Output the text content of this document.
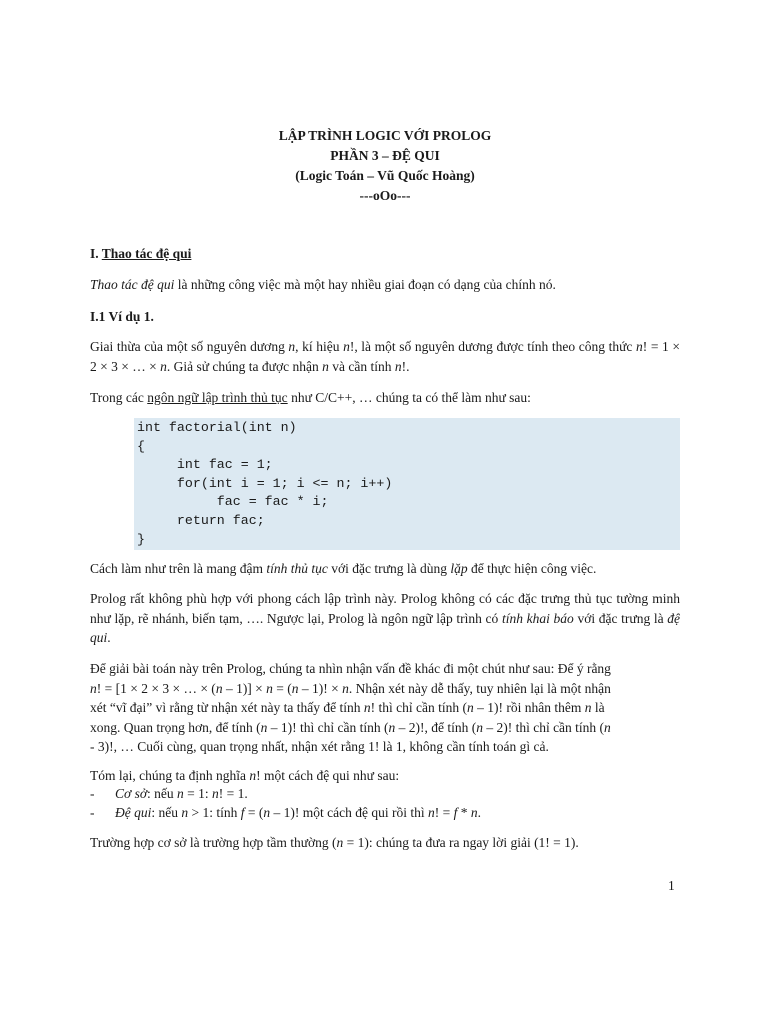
LẬP TRÌNH LOGIC VỚI PROLOG
PHẦN 3 – ĐỆ QUI
(Logic Toán – Vũ Quốc Hoàng)
---oOo---
I. Thao tác đệ qui
Thao tác đệ qui là những công việc mà một hay nhiều giai đoạn có dạng của chính nó.
I.1 Ví dụ 1.
Giai thừa của một số nguyên dương n, kí hiệu n!, là một số nguyên dương được tính theo công thức n! = 1 × 2 × 3 × … × n. Giả sử chúng ta được nhận n và cần tính n!.
Trong các ngôn ngữ lập trình thủ tục như C/C++, … chúng ta có thể làm như sau:
int factorial(int n)
{
int fac = 1;
for(int i = 1; i <= n; i++)
fac = fac * i;
return fac;
}
Cách làm như trên là mang đậm tính thủ tục với đặc trưng là dùng lặp để thực hiện công việc.
Prolog rất không phù hợp với phong cách lập trình này. Prolog không có các đặc trưng thủ tục tường minh như lặp, rẽ nhánh, biến tạm, …. Ngược lại, Prolog là ngôn ngữ lập trình có tính khai báo với đặc trưng là đệ qui.
Để giải bài toán này trên Prolog, chúng ta nhìn nhận vấn đề khác đi một chút như sau: Để ý rằng
n! = [1 × 2 × 3 × … × (n – 1)] × n = (n – 1)! × n. Nhận xét này dễ thấy, tuy nhiên lại là một nhận
xét “vĩ đại” vì rằng từ nhận xét này ta thấy để tính n! thì chỉ cần tính (n – 1)! rồi nhân thêm n là
xong. Quan trọng hơn, để tính (n – 1)! thì chỉ cần tính (n – 2)!, để tính (n – 2)! thì chỉ cần tính (n
- 3)!, … Cuối cùng, quan trọng nhất, nhận xét rằng 1! là 1, không cần tính toán gì cả.
Tóm lại, chúng ta định nghĩa n! một cách đệ qui như sau:
- Cơ sở: nếu n = 1: n! = 1.
- Đệ qui: nếu n > 1: tính f = (n – 1)! một cách đệ qui rồi thì n! = f * n.
Trường hợp cơ sở là trường hợp tầm thường (n = 1): chúng ta đưa ra ngay lời giải (1! = 1).
1
